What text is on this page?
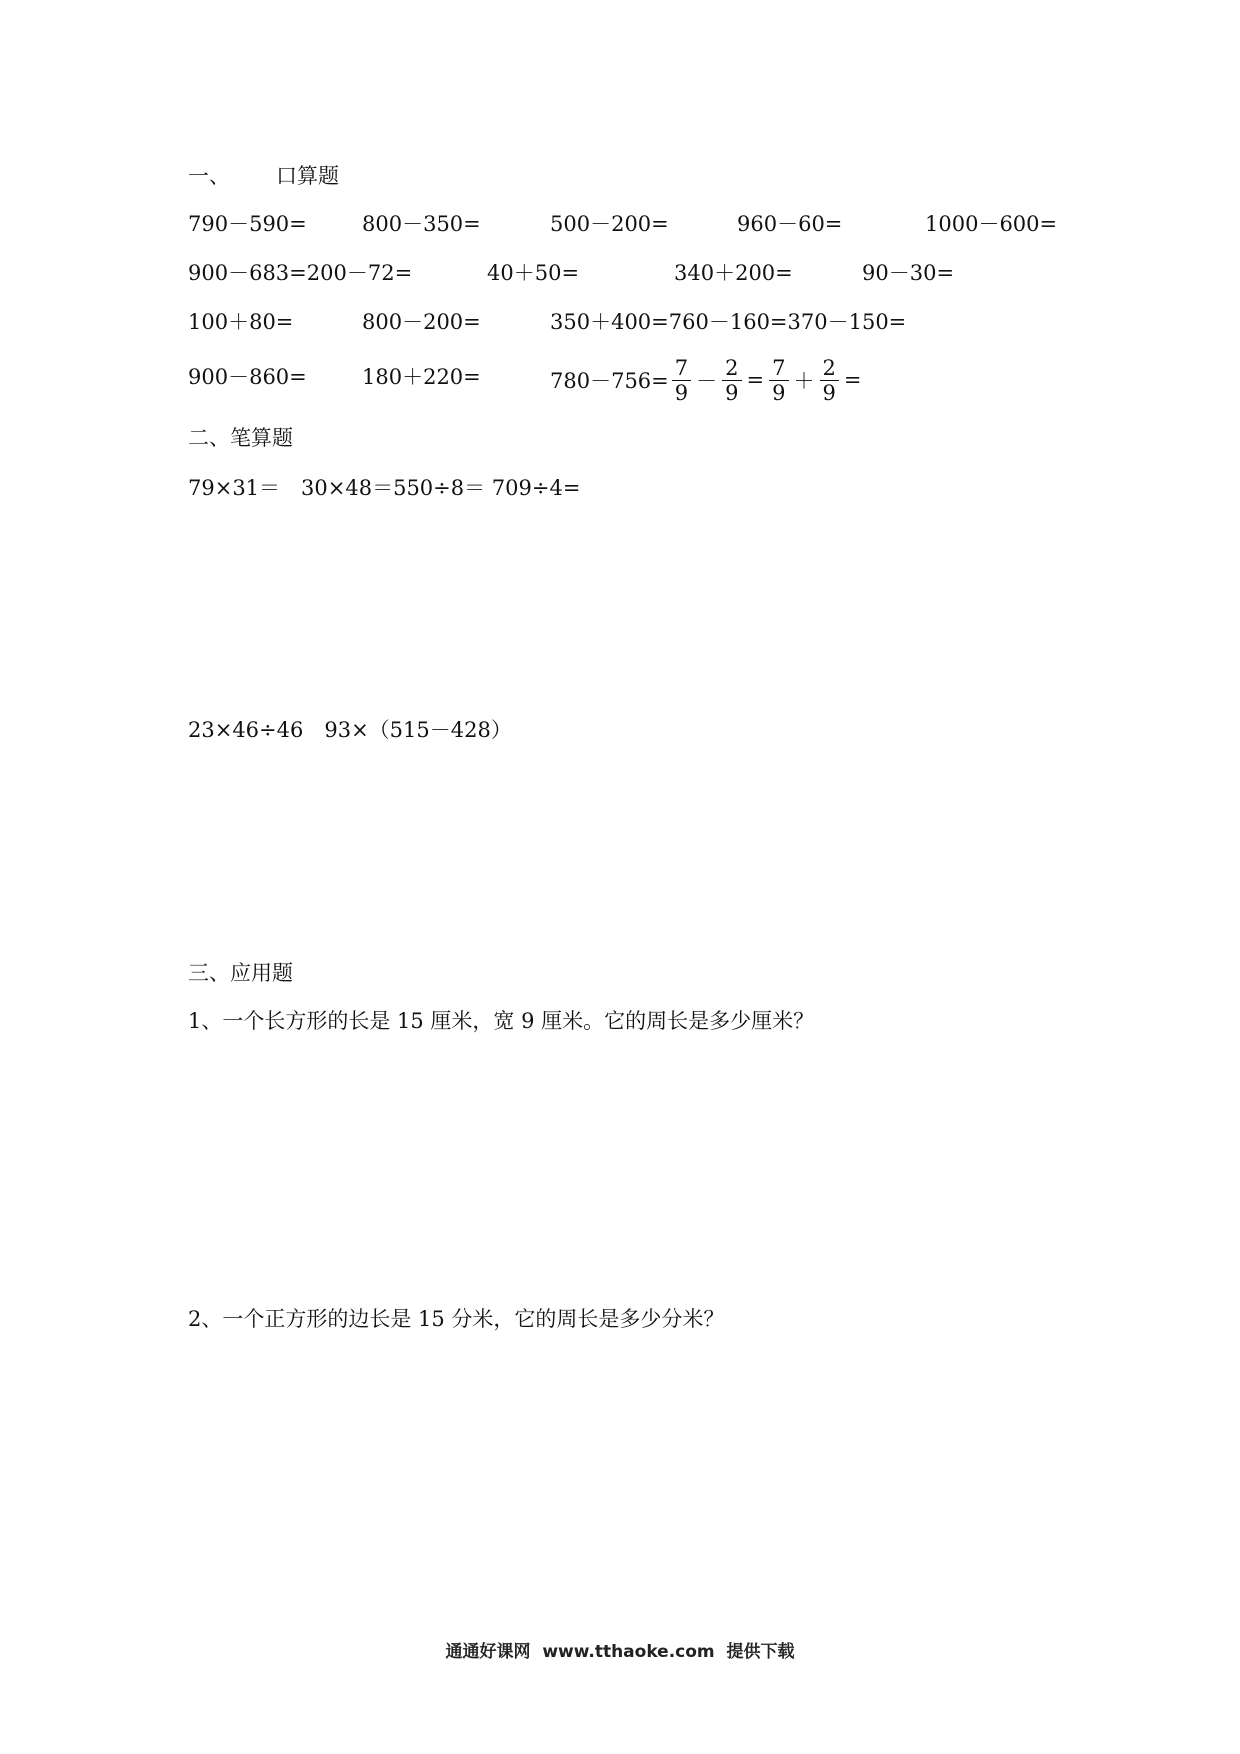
一、 口算题
790－590=	800－350=	500－200=	960－60=	1000－600=
900－683=200－72=	40＋50=	340＋200=	90－30=
100＋80=	800－200=	350＋400=760－160=370－150=
900－860=	180＋220=	$780-756= \frac{7}{9} - \frac{2}{9} = \frac{7}{9} + \frac{2}{9}$ =
二、笔算题
79×31＝　30×48＝550÷8＝ 709÷4=
23×46÷46　93×（515－428）
三、应用题
1、一个长方形的长是 15 厘米，宽 9 厘米。它的周长是多少厘米？
2、一个正方形的边长是 15 分米，它的周长是多少分米？
通通好课网  www.tthaoke.com  提供下载
